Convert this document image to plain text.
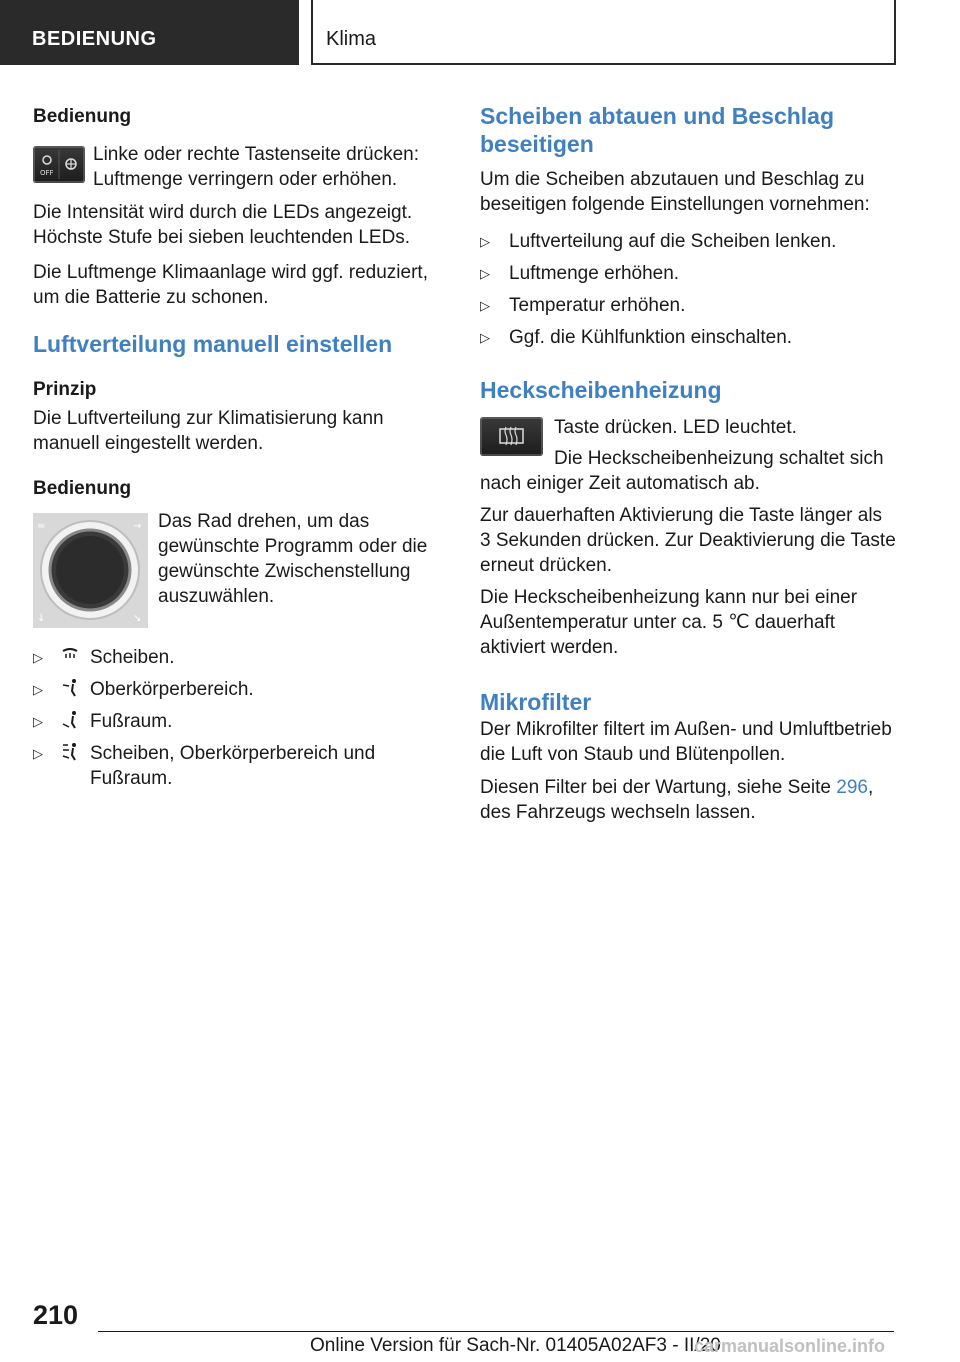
BEDIENUNG	Klima
Bedienung
OFF
Linke oder rechte Tastenseite drücken: Luftmenge verringern oder erhöhen.
Die Intensität wird durch die LEDs angezeigt. Höchste Stufe bei sieben leuchtenden LEDs.
Die Luftmenge Klimaanlage wird ggf. reduziert, um die Batterie zu schonen.
Luftverteilung manuell einstellen
Prinzip
Die Luftverteilung zur Klimatisierung kann manuell eingestellt werden.
Bedienung
≈	→
↓	↘
Das Rad drehen, um das gewünschte Programm oder die gewünschte Zwischenstellung auszuwählen.
▷ Scheiben.
▷ Oberkörperbereich.
▷ Fußraum.
▷ Scheiben, Oberkörperbereich und Fußraum.
Scheiben abtauen und Beschlag beseitigen
Um die Scheiben abzutauen und Beschlag zu beseitigen folgende Einstellungen vornehmen:
▷ Luftverteilung auf die Scheiben lenken.
▷ Luftmenge erhöhen.
▷ Temperatur erhöhen.
▷ Ggf. die Kühlfunktion einschalten.
Heckscheibenheizung
Taste drücken. LED leuchtet.
Die Heckscheibenheizung schaltet sich nach einiger Zeit automatisch ab.
Zur dauerhaften Aktivierung die Taste länger als 3 Sekunden drücken. Zur Deaktivierung die Taste erneut drücken.
Die Heckscheibenheizung kann nur bei einer Außentemperatur unter ca. 5 ℃ dauerhaft aktiviert werden.
Mikrofilter
Der Mikrofilter filtert im Außen- und Umluftbetrieb die Luft von Staub und Blütenpollen.
Diesen Filter bei der Wartung, siehe Seite 296, des Fahrzeugs wechseln lassen.
210
Online Version für Sach-Nr. 01405A02AF3 - II/20
carmanualsonline.info
